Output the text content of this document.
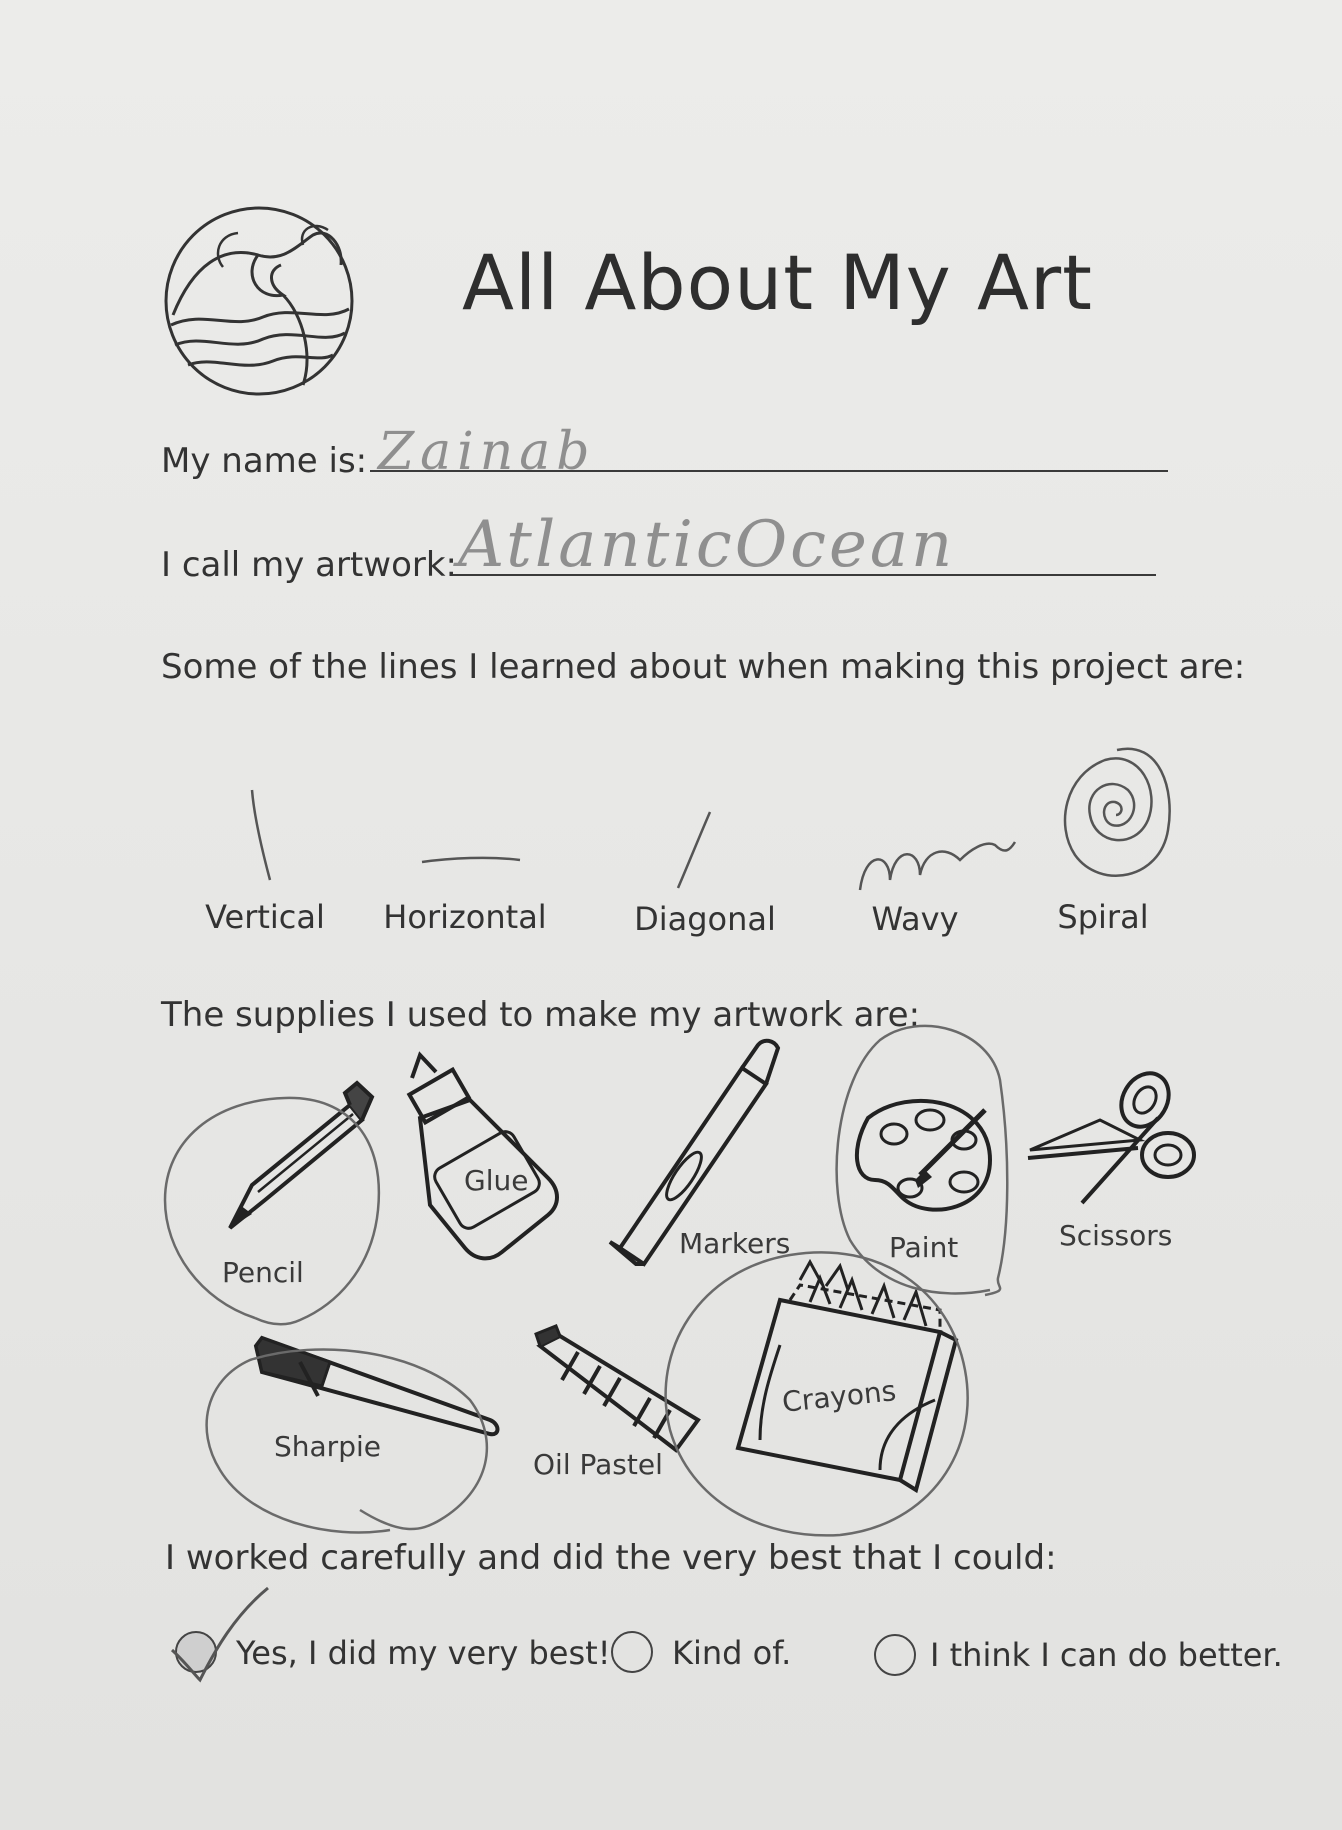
All About My Art
My name is: Zainab
I call my artwork: AtlanticOcean
Some of the lines I learned about when making this project are:
Vertical	Horizontal	Diagonal	Wavy	Spiral
The supplies I used to make my artwork are:
Pencil
Glue
Markers	Paint	Scissors
Sharpie
Oil Pastel
Crayons
I worked carefully and did the very best that I could:
Yes, I did my very best! Kind of.	I think I can do better.
